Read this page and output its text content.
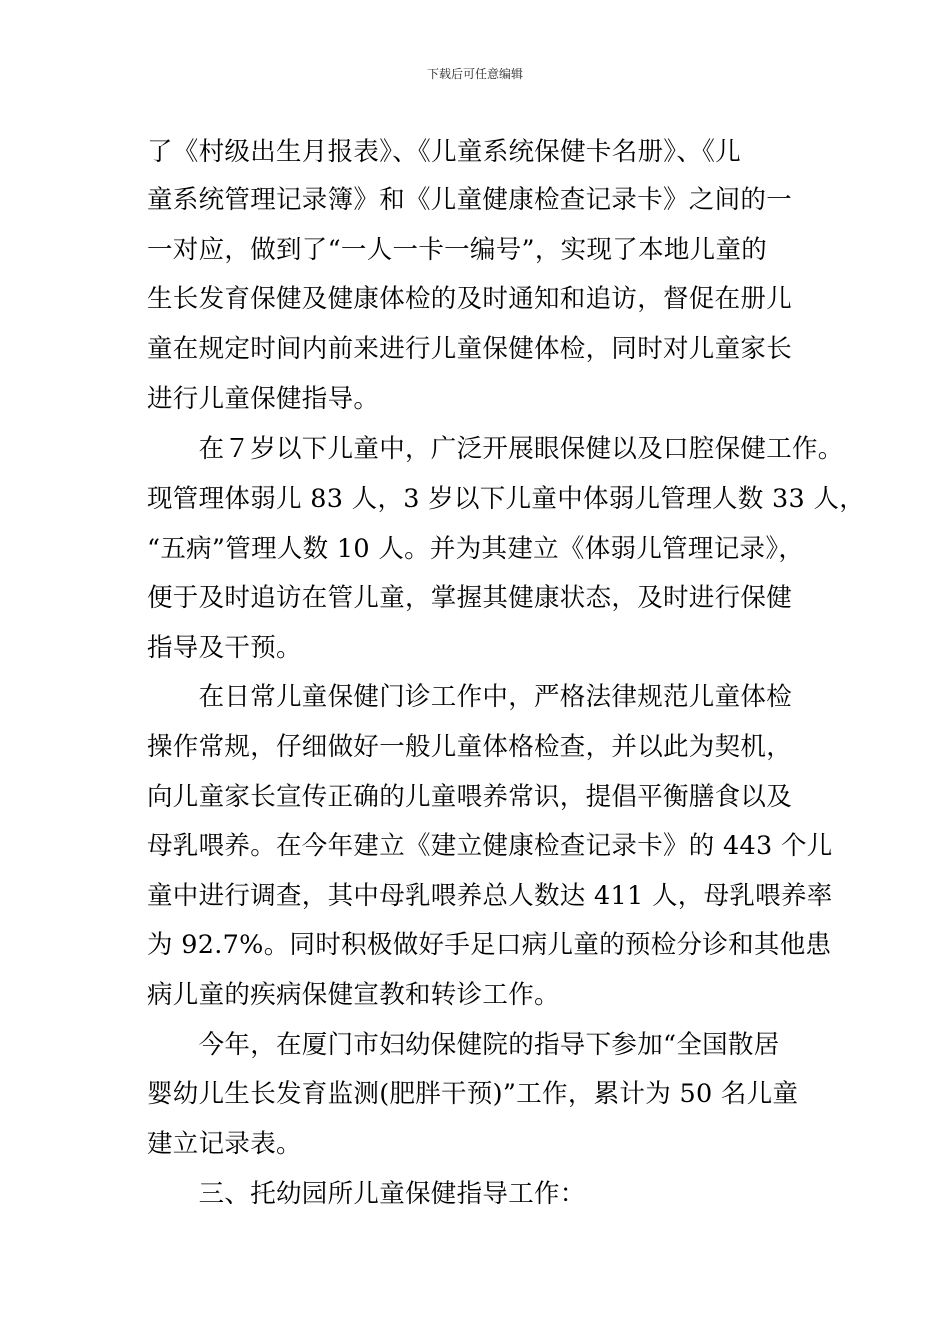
下载后可任意编辑
了《村级出生月报表》、《儿童系统保健卡名册》、《儿
童系统管理记录簿》和《儿童健康检查记录卡》之间的一
一对应，做到了“一人一卡一编号”，实现了本地儿童的
生长发育保健及健康体检的及时通知和追访，督促在册儿
童在规定时间内前来进行儿童保健体检，同时对儿童家长
进行儿童保健指导。
　　在７岁以下儿童中，广泛开展眼保健以及口腔保健工作。
现管理体弱儿 83 人，3 岁以下儿童中体弱儿管理人数 33 人，
“五病”管理人数 10 人。并为其建立《体弱儿管理记录》，
便于及时追访在管儿童，掌握其健康状态，及时进行保健
指导及干预。
　　在日常儿童保健门诊工作中，严格法律规范儿童体检
操作常规，仔细做好一般儿童体格检查，并以此为契机，
向儿童家长宣传正确的儿童喂养常识，提倡平衡膳食以及
母乳喂养。在今年建立《建立健康检查记录卡》的 443 个儿
童中进行调查，其中母乳喂养总人数达 411 人，母乳喂养率
为 92.7%。同时积极做好手足口病儿童的预检分诊和其他患
病儿童的疾病保健宣教和转诊工作。
　　今年，在厦门市妇幼保健院的指导下参加“全国散居
婴幼儿生长发育监测(肥胖干预)”工作，累计为 50 名儿童
建立记录表。
　　三、托幼园所儿童保健指导工作：
